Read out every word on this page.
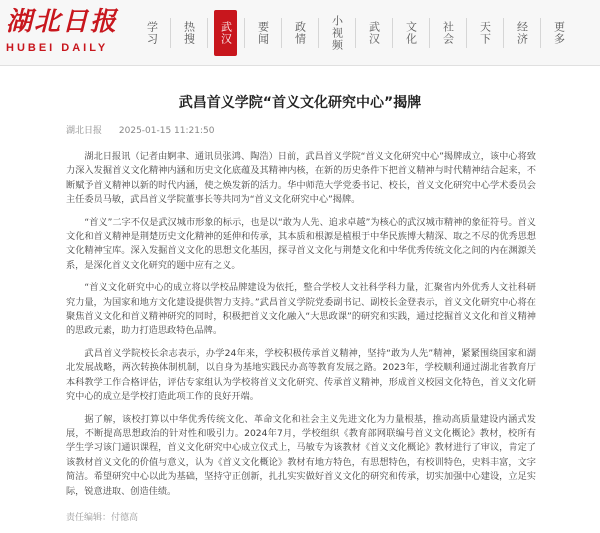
湖北日报
HUBEI DAILY
学习	热搜	武汉	要闻	政情	小视频	武汉	文化	社会	天下	经济	更多
武昌首义学院“首义文化研究中心”揭牌
湖北日报 2025-01-15 11:21:50

湖北日报讯（记者由婀聿、通讯员张鸿、陶浩）日前，武昌首义学院“首义文化研究中心”揭牌成立，该中心将致力深入发掘首义文化精神内涵和历史文化底蕴及其精神内核，在新的历史条件下把首义精神与时代精神结合起来，不断赋予首义精神以新的时代内涵，使之焕发新的活力。华中师范大学党委书记、校长，首义文化研究中心学术委员会主任委员马敏，武昌首义学院董事长等共同为“首义文化研究中心”揭牌。

“首义”二字不仅是武汉城市形象的标示，也是以“敢为人先、追求卓越”为核心的武汉城市精神的象征符号。首义文化和首义精神是荆楚历史文化精神的延伸和传承，其本质和根源是植根于中华民族博大精深、取之不尽的优秀思想文化精神宝库。深入发掘首义文化的思想文化基因，探寻首义文化与荆楚文化和中华优秀传统文化之间的内在渊源关系，是深化首义文化研究的题中应有之义。

“首义文化研究中心的成立将以学校品牌建设为依托，整合学校人文社科学科力量，汇聚省内外优秀人文社科研究力量，为国家和地方文化建设提供智力支持。”武昌首义学院党委副书记、副校长金登表示，首义文化研究中心将在聚焦首义文化和首义精神研究的同时，积极把首义文化融入“大思政课”的研究和实践，通过挖掘首义文化和首义精神的思政元素，助力打造思政特色品牌。

武昌首义学院校长余志表示，办学24年来，学校积极传承首义精神，坚持“敢为人先”精神，紧紧围绕国家和湖北发展战略，两次转换体制机制，以自身为基地实践民办高等教育发展之路。2023年，学校顺利通过湖北省教育厅本科教学工作合格评估，评估专家组认为学校将首义文化研究、传承首义精神，形成首义校园文化特色，首义文化研究中心的成立是学校打造此项工作的良好开端。

据了解，该校打算以中华优秀传统文化、革命文化和社会主义先进文化为力量根基，推动高质量建设内涵式发展，不断提高思想政治的针对性和吸引力。2024年7月，学校组织《教育部网联编号首义文化概论》教材，校所有学生学习该门通识课程，首义文化研究中心成立仪式上，马敏专为该教材《首义文化概论》教材进行了审议，肯定了该教材首义文化的价值与意义，认为《首义文化概论》教材有地方特色，有思想特色，有校训特色，史料丰富，文字简洁。希望研究中心以此为基础，坚持守正创新，扎扎实实做好首义文化的研究和传承，切实加强中心建设，立足实际，锐意进取、创造佳绩。

责任编辑：付德高
